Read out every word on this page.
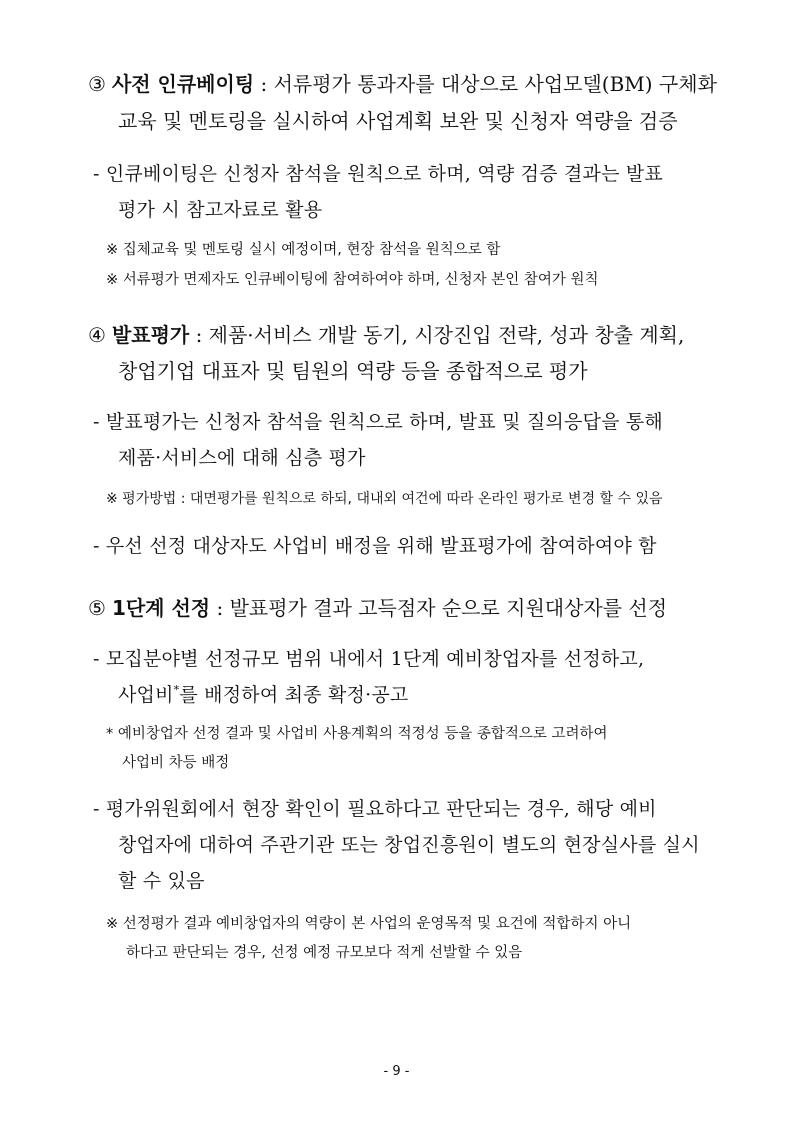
③ 사전 인큐베이팅 : 서류평가 통과자를 대상으로 사업모델(BM) 구체화
교육 및 멘토링을 실시하여 사업계획 보완 및 신청자 역량을 검증
- 인큐베이팅은 신청자 참석을 원칙으로 하며, 역량 검증 결과는 발표
평가 시 참고자료로 활용
※ 집체교육 및 멘토링 실시 예정이며, 현장 참석을 원칙으로 함
※ 서류평가 면제자도 인큐베이팅에 참여하여야 하며, 신청자 본인 참여가 원칙
④ 발표평가 : 제품·서비스 개발 동기, 시장진입 전략, 성과 창출 계획,
창업기업 대표자 및 팀원의 역량 등을 종합적으로 평가
- 발표평가는 신청자 참석을 원칙으로 하며, 발표 및 질의응답을 통해
제품·서비스에 대해 심층 평가
※ 평가방법 : 대면평가를 원칙으로 하되, 대내외 여건에 따라 온라인 평가로 변경 할 수 있음
- 우선 선정 대상자도 사업비 배정을 위해 발표평가에 참여하여야 함
⑤ 1단계 선정 : 발표평가 결과 고득점자 순으로 지원대상자를 선정
- 모집분야별 선정규모 범위 내에서 1단계 예비창업자를 선정하고,
사업비*를 배정하여 최종 확정·공고
* 예비창업자 선정 결과 및 사업비 사용계획의 적정성 등을 종합적으로 고려하여
사업비 차등 배정
- 평가위원회에서 현장 확인이 필요하다고 판단되는 경우, 해당 예비
창업자에 대하여 주관기관 또는 창업진흥원이 별도의 현장실사를 실시
할 수 있음
※ 선정평가 결과 예비창업자의 역량이 본 사업의 운영목적 및 요건에 적합하지 아니
하다고 판단되는 경우, 선정 예정 규모보다 적게 선발할 수 있음
- 9 -
